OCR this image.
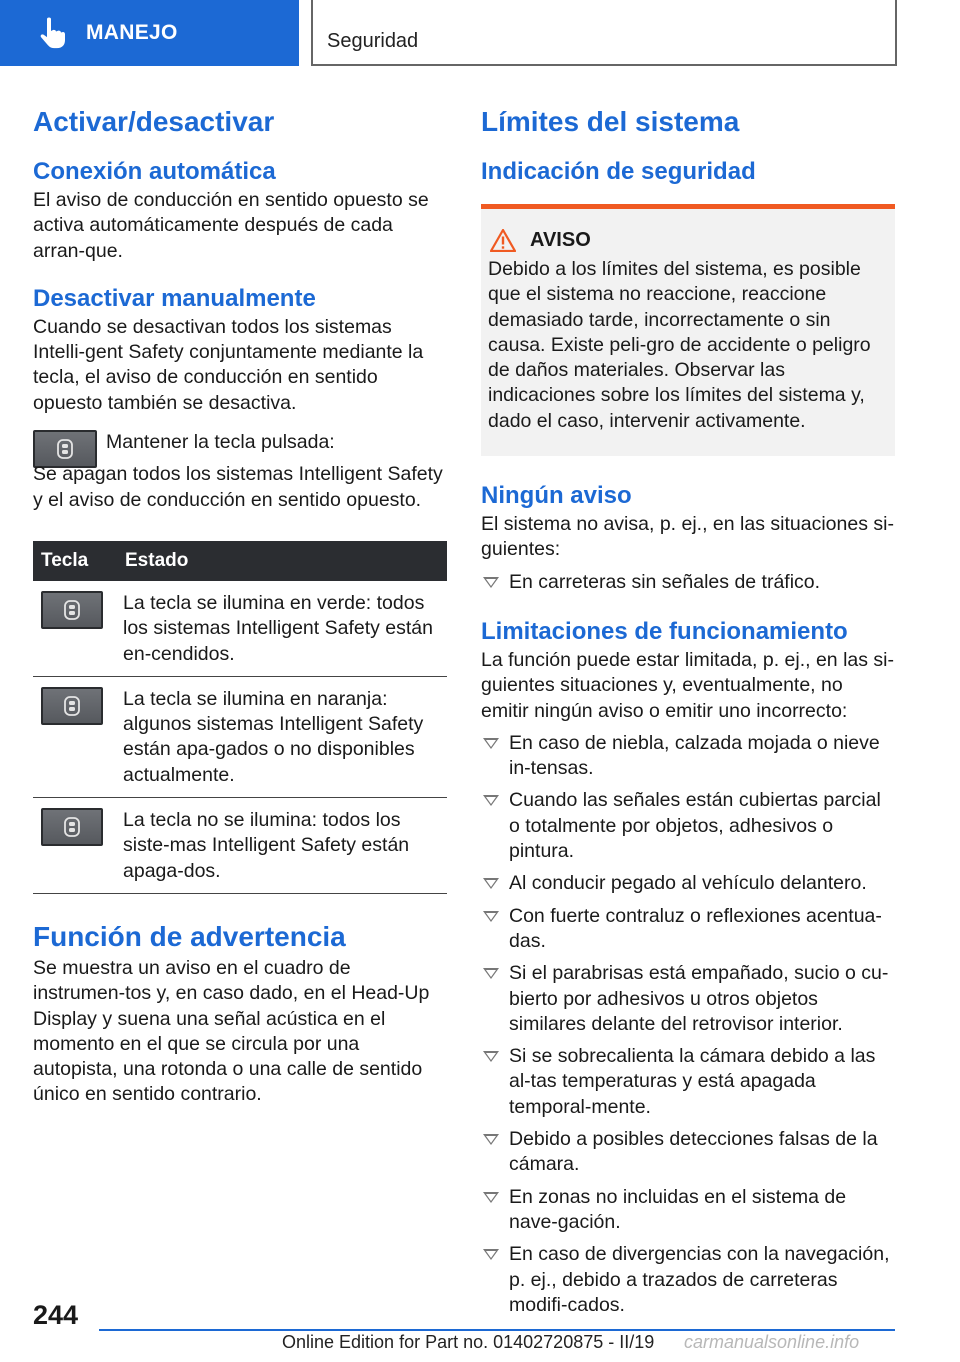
MANEJO	Seguridad
Activar/desactivar
Conexión automática

El aviso de conducción en sentido opuesto se activa automáticamente después de cada arran-que.

Desactivar manualmente

Cuando se desactivan todos los sistemas Intelli-gent Safety conjuntamente mediante la tecla, el aviso de conducción en sentido opuesto también se desactiva.

Mantener la tecla pulsada:

Se apagan todos los sistemas Intelligent Safety y el aviso de conducción en sentido opuesto.

Tecla	Estado

	La tecla se ilumina en verde: todos los sistemas Intelligent Safety están en-cendidos.

	La tecla se ilumina en naranja: algunos sistemas Intelligent Safety están apa-gados o no disponibles actualmente.

	La tecla no se ilumina: todos los siste-mas Intelligent Safety están apaga-dos.
Función de advertencia

Se muestra un aviso en el cuadro de instrumen-tos y, en caso dado, en el Head-Up Display y suena una señal acústica en el momento en el que se circula por una autopista, una rotonda o una calle de sentido único en sentido contrario.

Límites del sistema
Indicación de seguridad
AVISO

Debido a los límites del sistema, es posible que el sistema no reaccione, reaccione demasiado tarde, incorrectamente o sin causa. Existe peli-gro de accidente o peligro de daños materiales. Observar las indicaciones sobre los límites del sistema y, dado el caso, intervenir activamente.

Ningún aviso

El sistema no avisa, p. ej., en las situaciones si-guientes:

En carreteras sin señales de tráfico.
Limitaciones de funcionamiento

La función puede estar limitada, p. ej., en las si-guientes situaciones y, eventualmente, no emitir ningún aviso o emitir uno incorrecto:

En caso de niebla, calzada mojada o nieve in-tensas.
Cuando las señales están cubiertas parcial o totalmente por objetos, adhesivos o pintura.
Al conducir pegado al vehículo delantero.
Con fuerte contraluz o reflexiones acentua-das.
Si el parabrisas está empañado, sucio o cu-bierto por adhesivos u otros objetos similares delante del retrovisor interior.
Si se sobrecalienta la cámara debido a las al-tas temperaturas y está apagada temporal-mente.
Debido a posibles detecciones falsas de la cámara.
En zonas no incluidas en el sistema de nave-gación.
En caso de divergencias con la navegación, p. ej., debido a trazados de carreteras modifi-cados.
244
Online Edition for Part no. 01402720875 - II/19 carmanualsonline.info
